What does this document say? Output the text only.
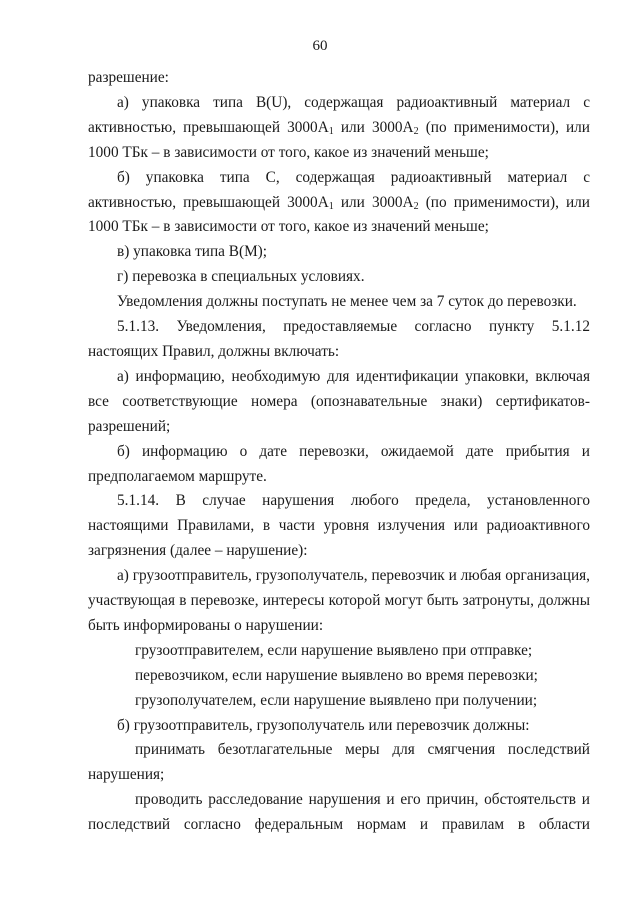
60

разрешение:

а) упаковка типа B(U), содержащая радиоактивный материал с активностью, превышающей $3000A_1$ или $3000A_2$ (по применимости), или 1000 ТБк – в зависимости от того, какое из значений меньше;

б) упаковка типа C, содержащая радиоактивный материал с активностью, превышающей $3000A_1$ или $3000A_2$ (по применимости), или 1000 ТБк – в зависимости от того, какое из значений меньше;

в) упаковка типа B(M);

г) перевозка в специальных условиях.

Уведомления должны поступать не менее чем за 7 суток до перевозки.

5.1.13. Уведомления, предоставляемые согласно пункту 5.1.12 настоящих Правил, должны включать:

а) информацию, необходимую для идентификации упаковки, включая все соответствующие номера (опознавательные знаки) сертификатов-разрешений;

б) информацию о дате перевозки, ожидаемой дате прибытия и предполагаемом маршруте.

5.1.14. В случае нарушения любого предела, установленного настоящими Правилами, в части уровня излучения или радиоактивного загрязнения (далее – нарушение):

а) грузоотправитель, грузополучатель, перевозчик и любая организация, участвующая в перевозке, интересы которой могут быть затронуты, должны быть информированы о нарушении:

грузоотправителем, если нарушение выявлено при отправке;

перевозчиком, если нарушение выявлено во время перевозки;

грузополучателем, если нарушение выявлено при получении;

б) грузоотправитель, грузополучатель или перевозчик должны:

принимать безотлагательные меры для смягчения последствий нарушения;

проводить расследование нарушения и его причин, обстоятельств и последствий согласно федеральным нормам и правилам в области
